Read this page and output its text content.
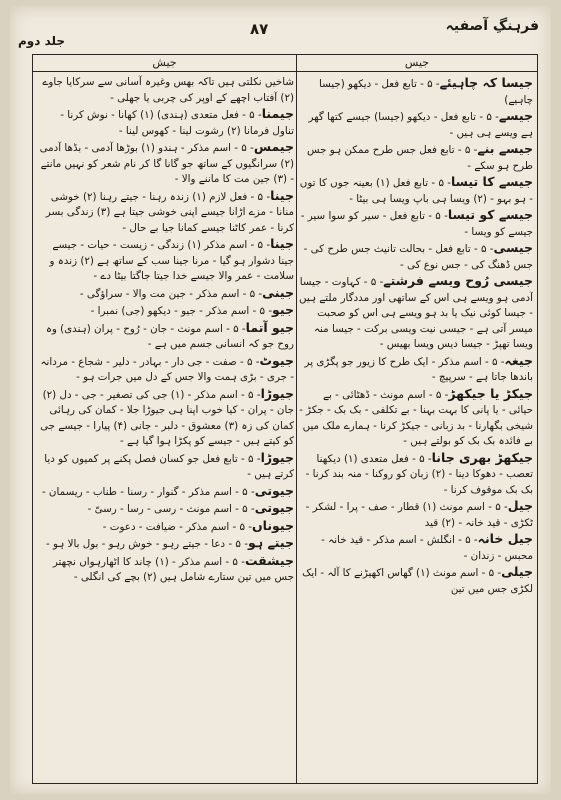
فرہنگِ آصفیہ
۸۷
جلد دوم
جیس
جیش

جیسا کہ چاہیئے- ۵ - تابع فعل - دیکھو (جیسا چاہیے)

جیسے- ۵ - تابع فعل - دیکھو (جیسا) جیسے کتھا گھر ہے ویسے ہی ہیں -

جیسے بنے- ۵ - تابع فعل جس طرح ممکن ہو جس طرح ہو سکے -

جیسے کا تیسا- ۵ - تابع فعل (۱) بعینہ جوں کا توں - ہو بہو - (۲) ویسا ہی باپ ویسا ہی بیٹا -

جیسے کو تیسا- ۵ - تابع فعل - سیر کو سوا سیر - جیسے کو ویسا -

جیسی- ۵ - تابع فعل - بحالت تانیث جس طرح کی - جس ڈھنگ کی - جس نوع کی -

جیسی رُوح ویسے فرشتے- ۵ - کہاوت - جیسا آدمی ہو ویسے ہی اس کے ساتھی اور مددگار ملتے ہیں - جیسا کوئی نیک یا بد ہو ویسے ہی اس کو صحبت میسر آتی ہے - جیسی نیت ویسی برکت - جیسا منہ ویسا تھپڑ - جیسا دیس ویسا بھیس -

جیغہ- ۵ - اسم مذکر - ایک طرح کا زیور جو پگڑی پر باندھا جاتا ہے - سرپیچ -

جیکڑ یا جیکھڑ- ۵ - اسم مونث - ڈھٹائی - بے حیائی - یا پانی کا بہت بہنا - بے تکلفی - بک بک - جکڑ - شیخی بگھارنا - بد زبانی - جیکڑ کرنا - ہمارے ملک میں بے فائدہ بک بک کو بولتے ہیں -

جیکھڑ بھری جانا- ۵ - فعل متعدی (۱) دیکھنا تعصب - دھوکا دینا - (۲) زبان کو روکنا - منہ بند کرنا - بک بک موقوف کرنا -

جیل- ۵ - اسم مونث (۱) قطار - صف - پرا - لشکر - ٹکڑی - قید خانہ - (۲) قید

جیل خانہ- ۵ - انگلش - اسم مذکر - قید خانہ - محبس - زندان -

جیلی- ۵ - اسم مونث (۱) گھاس اکھیڑنے کا آلہ - ایک لکڑی جس میں تین

شاخیں نکلتی ہیں تاکہ بھس وغیرہ آسانی سے سرکایا جاوے (۲) آفتاب اچھے کے اوپر کی چربی یا جھلی -

جیمنا- ۵ - فعل متعدی (ہندی) (۱) کھانا - نوش کرنا - تناول فرمانا (۲) رشوت لینا - کھوس لینا -

جیمس- ۵ - اسم مذکر - ہندو (۱) بوڑھا آدمی - بڈھا آدمی (۲) سرانگیوں کے ساتھ جو گانا گا کر نام شعر کو نہیں مانتے - (۳) جین مت کا ماننے والا -

جینا- ۵ - فعل لازم (۱) زندہ رہنا - جیتے رہنا (۲) خوشی منانا - مزے اڑانا جیسے اپنی خوشی جیتا ہے (۳) زندگی بسر کرنا - عمر کاٹنا جیسے کمانا جیا بے حال -

جینا- ۵ - اسم مذکر (۱) زندگی - زیست - حیات - جیسے جینا دشوار ہو گیا - مرنا جینا سب کے ساتھ ہے (۲) زندہ و سلامت - عمر والا جیسے خدا جیتا جاگتا بیٹا دے -

جینی- ۵ - اسم مذکر - جین مت والا - سراؤگی -

جیو- ۵ - اسم مذکر - جیو - دیکھو (جی) نمبرا -

جیو آتما- ۵ - اسم مونث - جان - رُوح - پران (ہندی) وہ روح جو کہ انسانی جسم میں ہے -

جیوٹ- ۵ - صفت - جی دار - بہادر - دلیر - شجاع - مردانہ - جری - بڑی ہمت والا جس کے دل میں جرات ہو -

جیوڑا- ۵ - اسم مذکر - (۱) جی کی تصغیر - جی - دل (۲) جان - پران - کیا خوب اپنا ہی جیوڑا جلا - کمان کی رہائی کمان کی زہ (۳) معشوق - دلبر - جانی (۴) پیارا - جیسے جی کو کیتے ہیں - جیسے کو پکڑا ہوا گیا ہے -

جیوڑا- ۵ - تابع فعل جو کسان فصل پکنے پر کمیوں کو دیا کرتے ہیں -

جیوتی- ۵ - اسم مذکر - گنوار - رسنا - طناب - ریسمان -

جیوتی- ۵ - اسم مونث - رسی - رسا - رسیّ -

جیوناں- ۵ - اسم مذکر - ضیافت - دعوت -

جیتے ہو- ۵ - دعا - جیتے رہو - خوش رہو - بول بالا ہو -

جیشقت- ۵ - اسم مذکر - (۱) چاند کا اٹھارہواں نچھتر جس میں تین ستارے شامل ہیں (۲) بچے کی انگلی -
